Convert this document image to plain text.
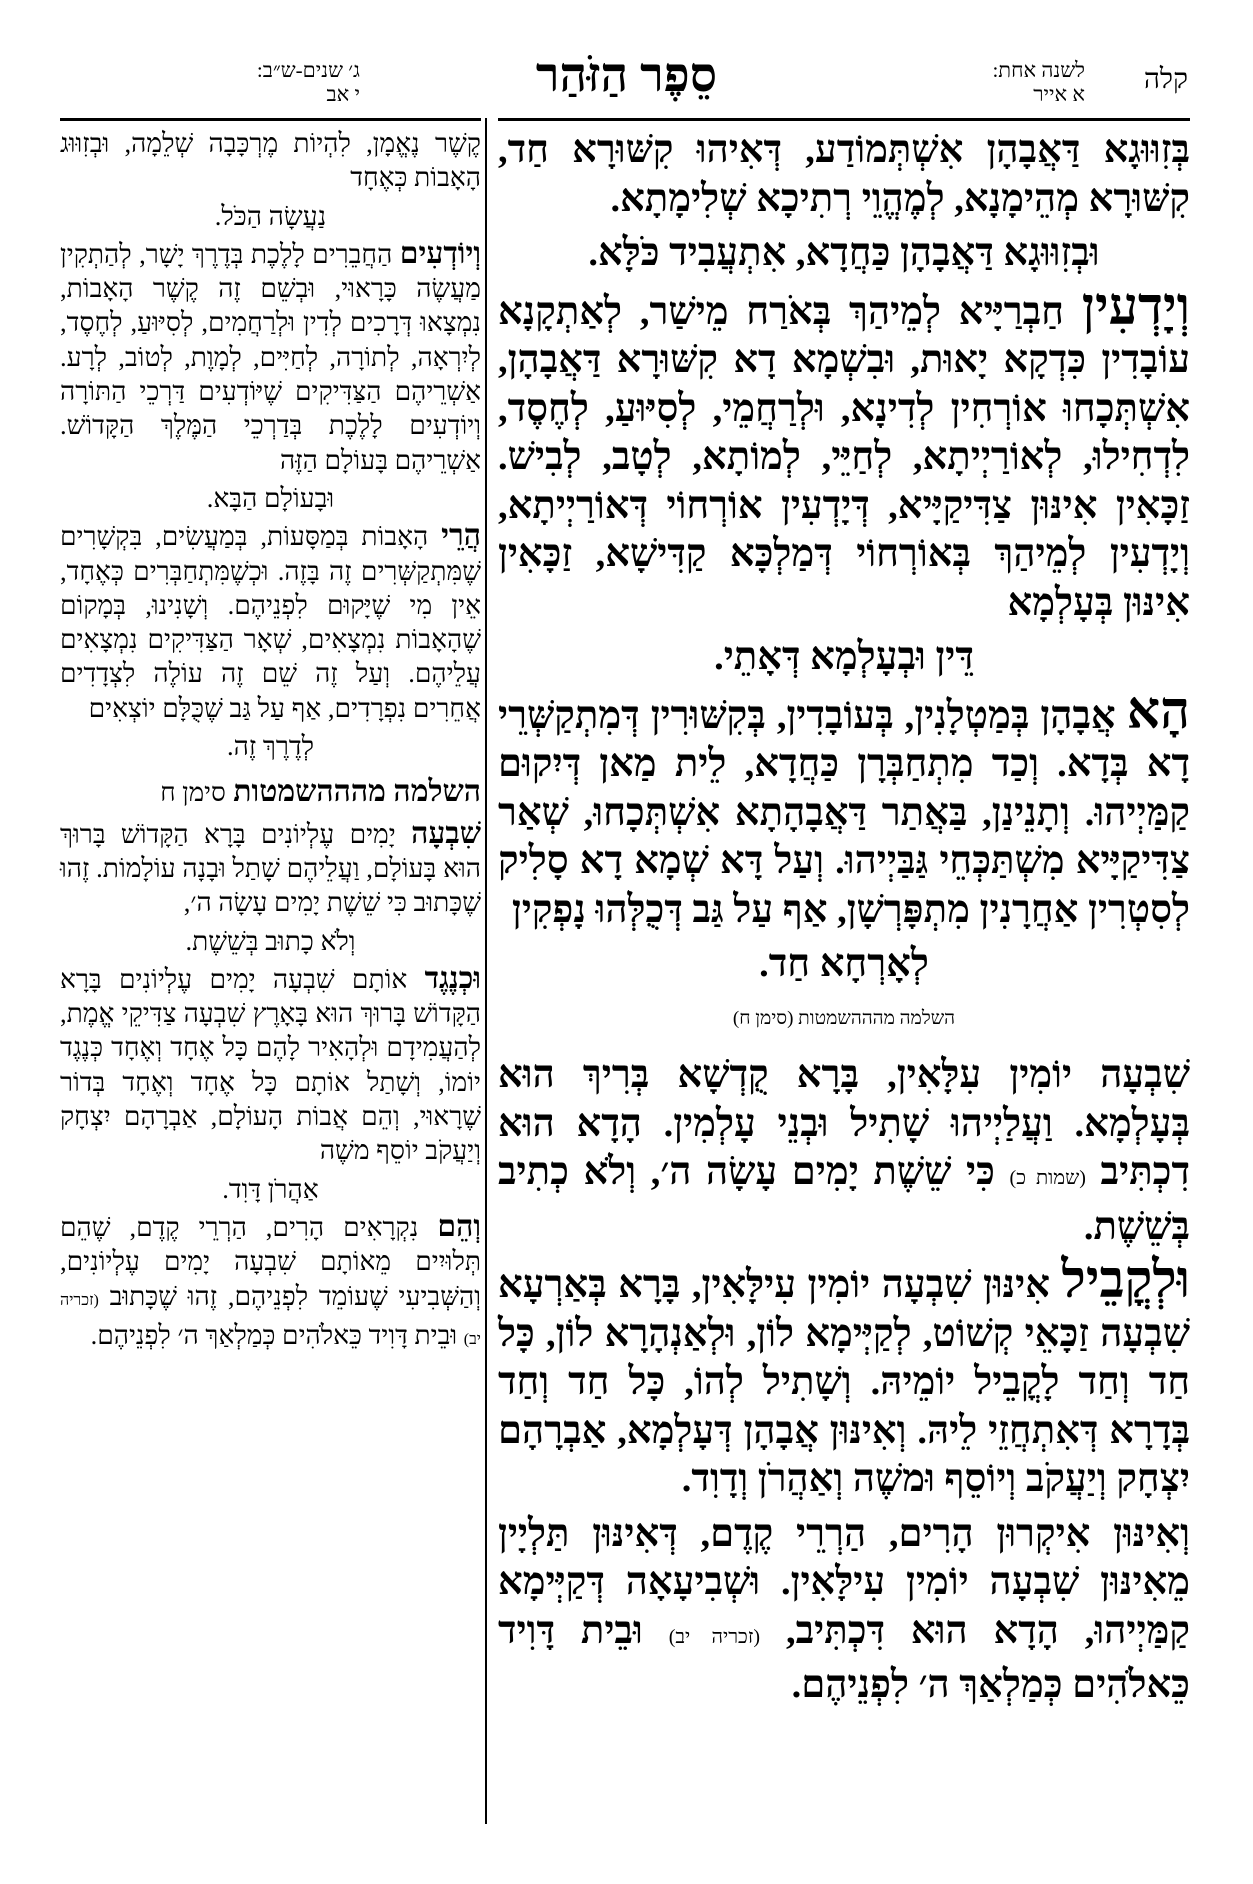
קלה
לשנה אחת:
א אייר
סֵפֶר הַזֹּהַר
ג׳ שנים-ש״ב:
י אב

בְּזִוּוּגָא דַּאֲבָהָן אִשְׁתְּמוֹדַע, דְּאִיהוּ קִשּׁוּרָא חַד, קִשּׁוּרָא מְהֵימָנָא, לְמֶהֱוֵי רְתִיכָא שְׁלִימָתָא.

וּבְזִוּוּגָא דַּאֲבָהָן כַּחֲדָא, אִתְעֲבִיד כֹּלָּא.

וְיָדְעִין חַבְרַיָּיא לְמֵיהַךְ בְּאֹרַח מֵישַׁר, לְאַתְקָנָא עוֹבָדִין כִּדְקָא יָאוּת, וּבִשְׁמָא דָא קִשּׁוּרָא דַּאֲבָהָן, אִשְׁתְּכָחוּ אוֹרְחִין לְדִינָא, וּלְרַחֲמֵי, לְסִיּוּעַ, לְחֶסֶד, לִדְחִילוּ, לְאוֹרַיְיתָא, לְחַיֵּי, לְמוֹתָא, לְטָב, לְבִישׁ. זַכָּאִין אִינּוּן צַדִּיקַיָּיא, דְּיָדְעִין אוֹרְחוֹי דְּאוֹרַיְיתָא, וְיָדְעִין לְמֵיהַךְ בְּאוֹרְחוֹי דְּמַלְכָּא קַדִּישָׁא, זַכָּאִין אִינּוּן בְּעָלְמָא

דֵּין וּבְעָלְמָא דְּאָתֵי.

הָא אֲבָהָן בְּמַטְלָנִין, בְּעוֹבָדִין, בְּקִשּׁוּרִין דְּמִתְקַשְּׁרֵי דָא בְּדָא. וְכַד מִתְחַבְּרָן כַּחֲדָא, לֵית מַאן דְּיִקוּם קַמַּיְיהוּ. וְתָנֵינַן, בַּאֲתַר דַּאֲבָהָתָא אִשְׁתְּכָחוּ, שְׁאַר צַדִּיקַיָּיא מִשְׁתַּכְּחֵי גַּבַּיְיהוּ. וְעַל דָּא שְׁמָא דָא סָלִיק לְסִטְרִין אַחֲרָנִין מִתְפָּרְשָׁן, אַף עַל גַּב דְּכֻלְּהוּ נָפְקִין

לְאָרְחָא חַד.

השלמה מהההשמטות (סימן ח)

שִׁבְעָה יוֹמִין עִלָּאִין, בָּרָא קֻדְשָׁא בְּרִיךְ הוּא בְּעָלְמָא. וַעֲלַיְיהוּ שָׁתִיל וּבְנֵי עָלְמִין. הָדָא הוּא דִכְתִּיב (שמות כ) כִּי שֵׁשֶׁת יָמִים עָשָׂה ה׳, וְלֹא כְתִיב בְּשֵׁשֶׁת.

וּלְקֳבֵיל אִינּוּן שִׁבְעָה יוֹמִין עִילָּאִין, בָּרָא בְּאַרְעָא שִׁבְעָה זַכָּאֵי קְשׁוֹט, לְקַיְּימָא לוֹן, וּלְאַנְהָרָא לוֹן, כָּל חַד וְחַד לָקֳבֵיל יוֹמֵיהּ. וְשָׁתִיל לְהוֹ, כָּל חַד וְחַד בְּדָרָא דְּאִתְחֲזֵי לֵיהּ. וְאִינּוּן אֲבָהָן דְּעָלְמָא, אַבְרָהָם יִצְחָק וְיַעֲקֹב וְיוֹסֵף וּמשֶׁה וְאַהֲרֹן וְדָוִד.

וְאִינּוּן אִיקְרוּן הָרִים, הַרְרֵי קֶדֶם, דְּאִינּוּן תַּלְיָין מֵאִינּוּן שִׁבְעָה יוֹמִין עִילָּאִין. וּשְׁבִיעָאָה דְּקַיְּימָא קַמַּיְיהוּ, הָדָא הוּא דִּכְתִּיב, (זכריה יב) וּבֵית דָּוִיד כֵּאלֹהִים כְּמַלְאַךְ ה׳ לִפְנֵיהֶם.

קֶשֶׁר נֶאֱמָן, לִהְיוֹת מֶרְכָּבָה שְׁלֵמָה, וּבְזִוּוּג הָאָבוֹת כְּאֶחָד

נַעֲשָׂה הַכֹּל.

וְיוֹדְעִים הַחֲבֵרִים לָלֶכֶת בְּדֶרֶךְ יָשָׁר, לְהַתְקִין מַעֲשֶׂה כָּרָאוּי, וּבְשֵׁם זֶה קֶשֶׁר הָאָבוֹת, נִמְצָאוּ דְּרָכִים לְדִין וּלְרַחֲמִים, לְסִיּוּעַ, לְחֶסֶד, לְיִרְאָה, לְתוֹרָה, לְחַיִּים, לְמָוֶת, לְטוֹב, לְרָע. אַשְׁרֵיהֶם הַצַּדִּיקִים שֶׁיּוֹדְעִים דַּרְכֵי הַתּוֹרָה וְיוֹדְעִים לָלֶכֶת בְּדַרְכֵי הַמֶּלֶךְ הַקָּדוֹשׁ. אַשְׁרֵיהֶם בָּעוֹלָם הַזֶּה

וּבָעוֹלָם הַבָּא.

הֲרֵי הָאָבוֹת בְּמַסָּעוֹת, בְּמַעֲשִׂים, בִּקְשָׁרִים שֶׁמִּתְקַשְּׁרִים זֶה בָּזֶה. וּכְשֶׁמִּתְחַבְּרִים כְּאֶחָד, אֵין מִי שֶׁיָּקוּם לִפְנֵיהֶם. וְשָׁנִינוּ, בְּמָקוֹם שֶׁהָאָבוֹת נִמְצָאִים, שְׁאָר הַצַּדִּיקִים נִמְצָאִים עֲלֵיהֶם. וְעַל זֶה שֵׁם זֶה עוֹלֶה לִצְדָדִים אֲחֵרִים נִפְרָדִים, אַף עַל גַּב שֶׁכֻּלָּם יוֹצְאִים

לְדֶרֶךְ זֶה.

השלמה מהההשמטות סימן ח

שִׁבְעָה יָמִים עֶלְיוֹנִים בָּרָא הַקָּדוֹשׁ בָּרוּךְ הוּא בָּעוֹלָם, וַעֲלֵיהֶם שָׁתַל וּבָנָה עוֹלָמוֹת. זֶהוּ שֶׁכָּתוּב כִּי שֵׁשֶׁת יָמִים עָשָׂה ה׳,

וְלֹא כָתוּב בְּשֵׁשֶׁת.

וּכְנֶגֶד אוֹתָם שִׁבְעָה יָמִים עֶלְיוֹנִים בָּרָא הַקָּדוֹשׁ בָּרוּךְ הוּא בָּאָרֶץ שִׁבְעָה צַדִּיקֵי אֱמֶת, לְהַעֲמִידָם וּלְהָאִיר לָהֶם כָּל אֶחָד וְאֶחָד כְּנֶגֶד יוֹמוֹ, וְשָׁתַל אוֹתָם כָּל אֶחָד וְאֶחָד בְּדוֹר שֶׁרָאוּי, וְהֵם אֲבוֹת הָעוֹלָם, אַבְרָהָם יִצְחָק וְיַעֲקֹב יוֹסֵף משֶׁה

אַהֲרֹן דָּוִד.

וְהֵם נִקְרָאִים הָרִים, הַרְרֵי קֶדֶם, שֶׁהֵם תְּלוּיִים מֵאוֹתָם שִׁבְעָה יָמִים עֶלְיוֹנִים, וְהַשְּׁבִיעִי שֶׁעוֹמֵד לִפְנֵיהֶם, זֶהוּ שֶׁכָּתוּב (זכריה יב) וּבֵית דָּוִיד כֵּאלֹהִים כְּמַלְאַךְ ה׳ לִפְנֵיהֶם.
